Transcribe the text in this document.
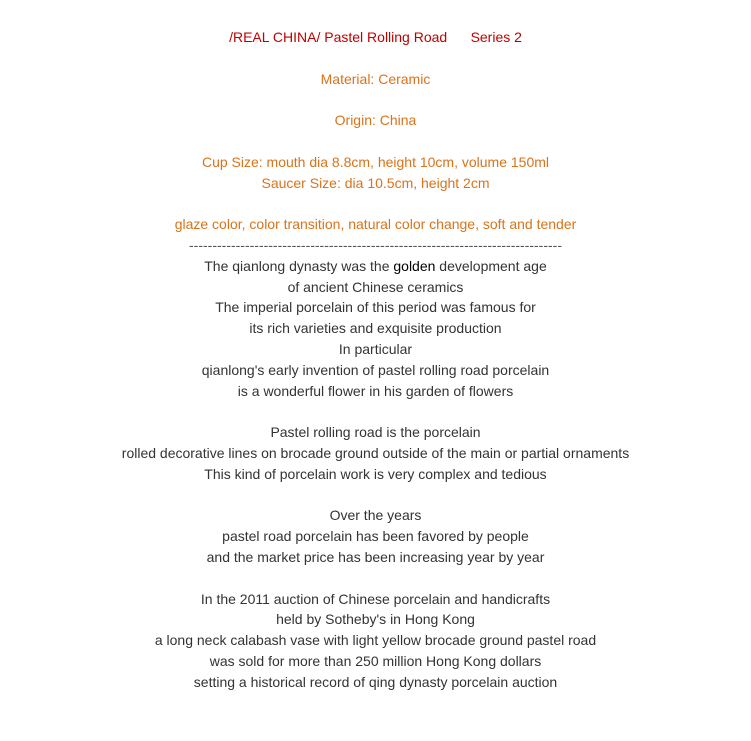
/REAL CHINA/ Pastel Rolling Road Series 2
Material: Ceramic
Origin: China
Cup Size: mouth dia 8.8cm, height 10cm, volume 150ml
Saucer Size: dia 10.5cm, height 2cm
glaze color, color transition, natural color change, soft and tender
--------------------------------------------------------------------------------
The qianlong dynasty was the golden development age
of ancient Chinese ceramics
The imperial porcelain of this period was famous for
its rich varieties and exquisite production
In particular
qianlong's early invention of pastel rolling road porcelain
is a wonderful flower in his garden of flowers
Pastel rolling road is the porcelain
rolled decorative lines on brocade ground outside of the main or partial ornaments
This kind of porcelain work is very complex and tedious
Over the years
pastel road porcelain has been favored by people
and the market price has been increasing year by year
In the 2011 auction of Chinese porcelain and handicrafts
held by Sotheby's in Hong Kong
a long neck calabash vase with light yellow brocade ground pastel road
was sold for more than 250 million Hong Kong dollars
setting a historical record of qing dynasty porcelain auction
